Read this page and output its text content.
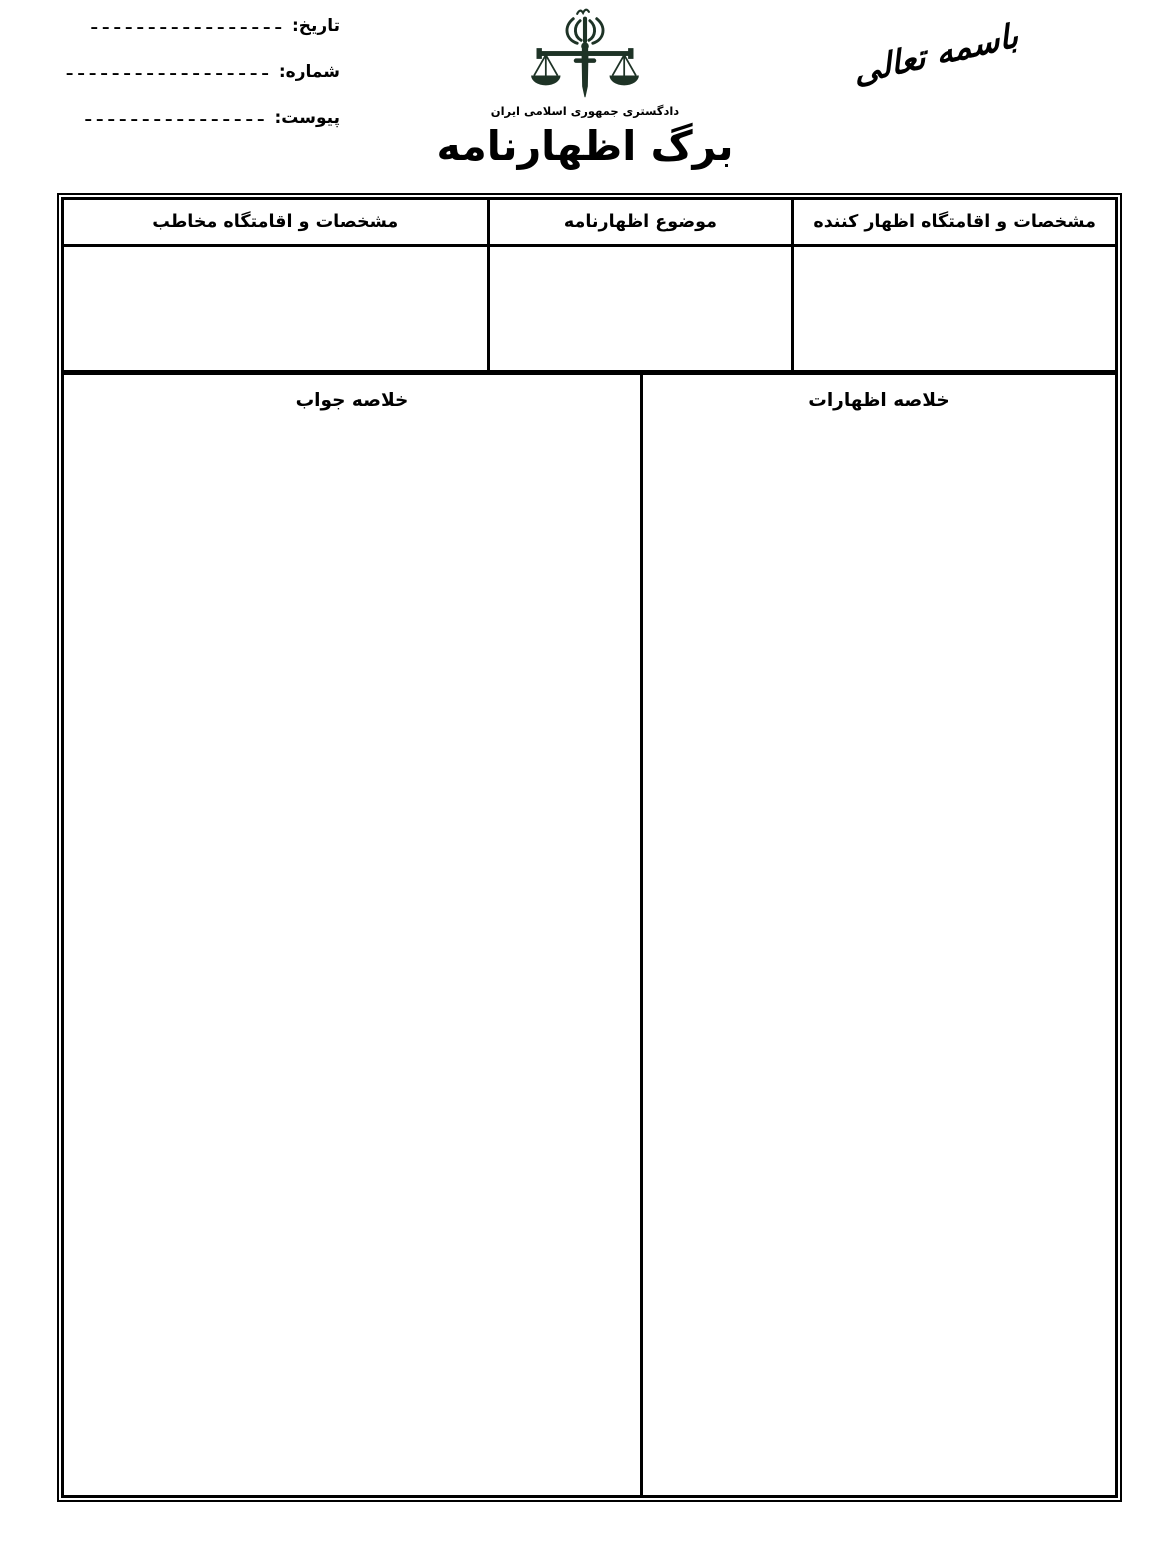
تاریخ:
–––––––––––––––––
شماره:
––––––––––––––––––
پیوست:
––––––––––––––––	دادگستری جمهوری اسلامی ایران
باسمه تعالی
برگ اظهارنامه
مشخصات و اقامتگاه اظهار کننده
موضوع اظهارنامه
مشخصات و اقامتگاه مخاطب
خلاصه اظهارات
خلاصه جواب
